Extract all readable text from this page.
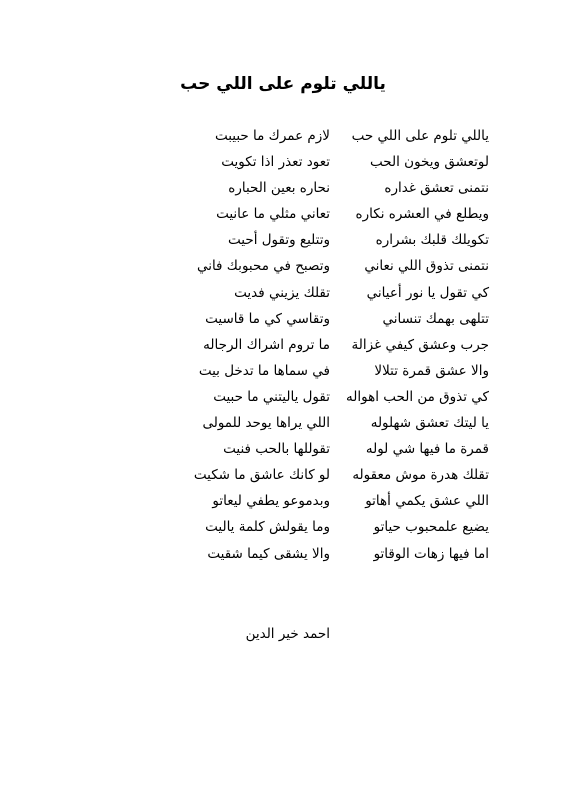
ياللي تلوم على اللي حب
ياللي تلوم على اللي حب
لازم عمرك ما حبيبت
لوتعشق ويخون الحب
تعود تعذر اذا تكويت
نتمنى تعشق غداره
نحاره بعين الحباره
ويطلع في العشره نكاره
تعاني مثلي ما عانيت
تكويلك قلبك بشراره
وتتليع وتقول أحيت
نتمنى تذوق اللي نعاني
وتصبح في محبوبك فاني
كي تقول يا نور أعياني
تقلك يزيني فديت
تتلهى بهمك تنساني
وتقاسي كي ما قاسيت
جرب وعشق كيفي غزالة
ما تروم اشراك الرجاله
والا عشق قمرة تتلالا
في سماها ما تدخل بيت
كي تذوق من الحب اهواله
تقول ياليتني ما حبيت
يا ليتك تعشق شهلوله
اللي يراها يوحد للمولى
قمرة ما فيها شي لوله
تقوللها بالحب فنيت
تقلك هدرة موش معقوله
لو كانك عاشق ما شكيت
اللي عشق يكمي أهاتو
وبدموعو يطفي ليعاتو
يضيع علمحبوب حياتو
وما يقولش كلمة ياليت
اما فيها زهات الوقاتو
والا يشقى كيما شقيت
احمد خير الدين
